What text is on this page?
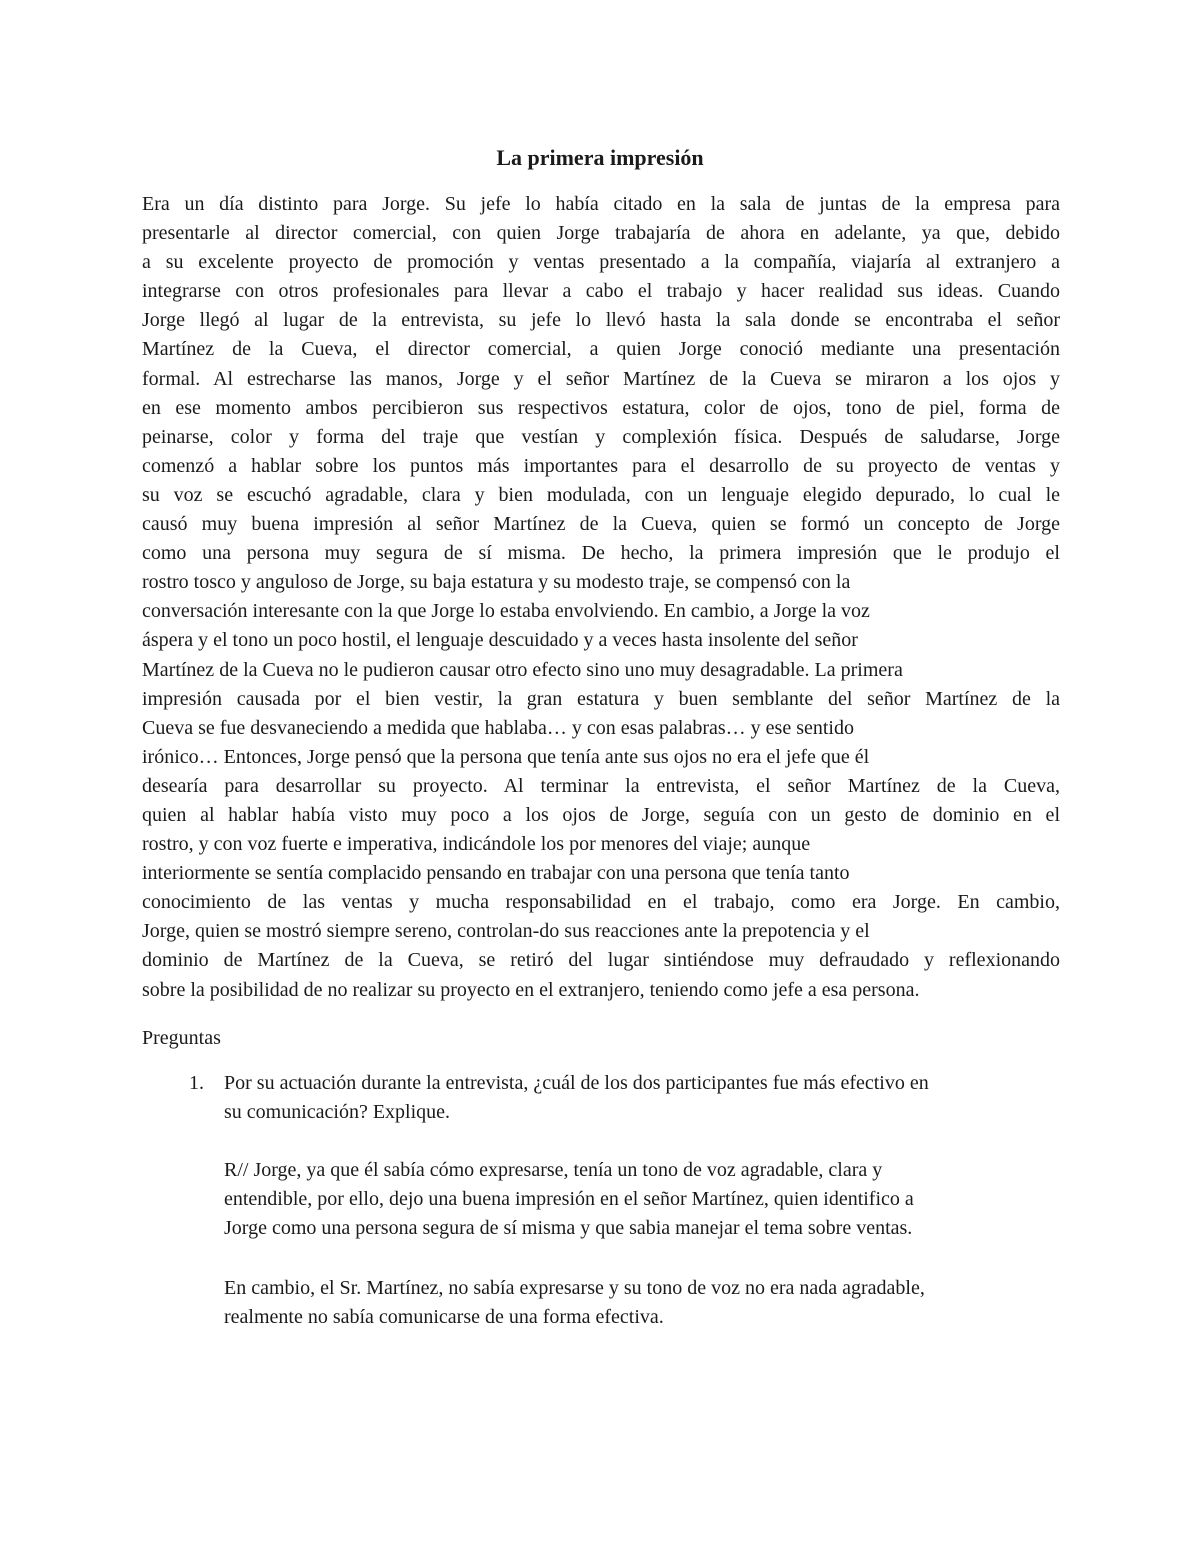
La primera impresión
Era un día distinto para Jorge. Su jefe lo había citado en la sala de juntas de la empresa para
presentarle al director comercial, con quien Jorge trabajaría de ahora en adelante, ya que, debido
a su excelente proyecto de promoción y ventas presentado a la compañía, viajaría al extranjero a
integrarse con otros profesionales para llevar a cabo el trabajo y hacer realidad sus ideas. Cuando
Jorge llegó al lugar de la entrevista, su jefe lo llevó hasta la sala donde se encontraba el señor
Martínez de la Cueva, el director comercial, a quien Jorge conoció mediante una presentación
formal. Al estrecharse las manos, Jorge y el señor Martínez de la Cueva se miraron a los ojos y
en ese momento ambos percibieron sus respectivos estatura, color de ojos, tono de piel, forma de
peinarse, color y forma del traje que vestían y complexión física. Después de saludarse, Jorge
comenzó a hablar sobre los puntos más importantes para el desarrollo de su proyecto de ventas y
su voz se escuchó agradable, clara y bien modulada, con un lenguaje elegido depurado, lo cual le
causó muy buena impresión al señor Martínez de la Cueva, quien se formó un concepto de Jorge
como una persona muy segura de sí misma. De hecho, la primera impresión que le produjo el
rostro tosco y anguloso de Jorge, su baja estatura y su modesto traje, se compensó con la
conversación interesante con la que Jorge lo estaba envolviendo. En cambio, a Jorge la voz
áspera y el tono un poco hostil, el lenguaje descuidado y a veces hasta insolente del señor
Martínez de la Cueva no le pudieron causar otro efecto sino uno muy desagradable. La primera
impresión causada por el bien vestir, la gran estatura y buen semblante del señor Martínez de la
Cueva se fue desvaneciendo a medida que hablaba… y con esas palabras… y ese sentido
irónico… Entonces, Jorge pensó que la persona que tenía ante sus ojos no era el jefe que él
desearía para desarrollar su proyecto. Al terminar la entrevista, el señor Martínez de la Cueva,
quien al hablar había visto muy poco a los ojos de Jorge, seguía con un gesto de dominio en el
rostro, y con voz fuerte e imperativa, indicándole los por menores del viaje; aunque
interiormente se sentía complacido pensando en trabajar con una persona que tenía tanto
conocimiento de las ventas y mucha responsabilidad en el trabajo, como era Jorge. En cambio,
Jorge, quien se mostró siempre sereno, controlan-do sus reacciones ante la prepotencia y el
dominio de Martínez de la Cueva, se retiró del lugar sintiéndose muy defraudado y reflexionando
sobre la posibilidad de no realizar su proyecto en el extranjero, teniendo como jefe a esa persona.
Preguntas
1. Por su actuación durante la entrevista, ¿cuál de los dos participantes fue más efectivo en
su comunicación? Explique.
R// Jorge, ya que él sabía cómo expresarse, tenía un tono de voz agradable, clara y
entendible, por ello, dejo una buena impresión en el señor Martínez, quien identifico a
Jorge como una persona segura de sí misma y que sabia manejar el tema sobre ventas.
En cambio, el Sr. Martínez, no sabía expresarse y su tono de voz no era nada agradable,
realmente no sabía comunicarse de una forma efectiva.
